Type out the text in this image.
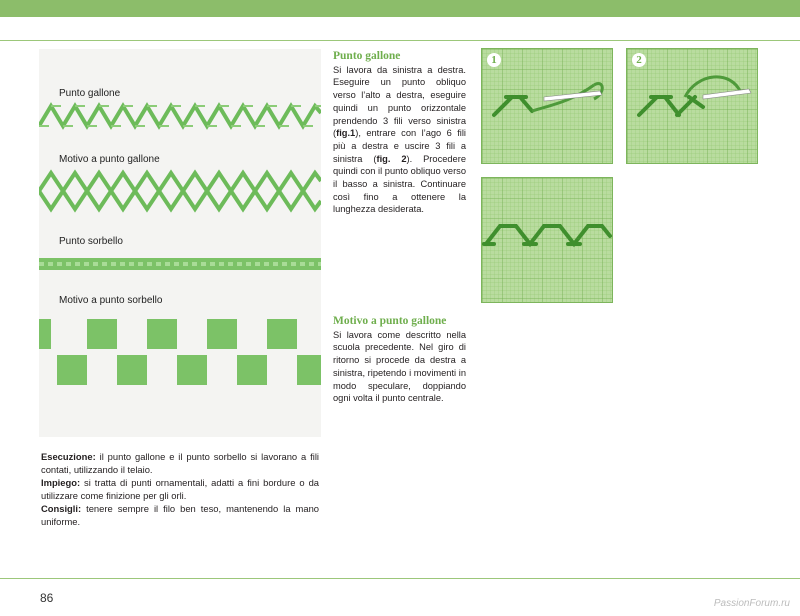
Punto gallone
Motivo a punto gallone
Punto sorbello
Motivo a punto sorbello

Esecuzione: il punto gallone e il punto sorbello si lavorano a fili contati, utilizzando il telaio.

Impiego: si tratta di punti ornamentali, adatti a fini bordure o da utilizzare come finizione per gli orli.

Consigli: tenere sempre il filo ben teso, mantenendo la mano uniforme.

Punto gallone

Si lavora da sinistra a destra. Eseguire un punto obliquo verso l’alto a destra, eseguire quindi un punto orizzontale prendendo 3 fili verso sinistra (fig.1), entrare con l’ago 6 fili più a destra e uscire 3 fili a sinistra (fig. 2). Procedere quindi con il punto obliquo verso il basso a sinistra. Continuare così fino a ottenere la lunghezza desiderata.

Motivo a punto gallone

Si lavora come descritto nella scuola precedente. Nel giro di ritorno si procede da destra a sinistra, ripetendo i movimenti in modo speculare, doppiando ogni volta il punto centrale.

1	2
86	PassionForum.ru
